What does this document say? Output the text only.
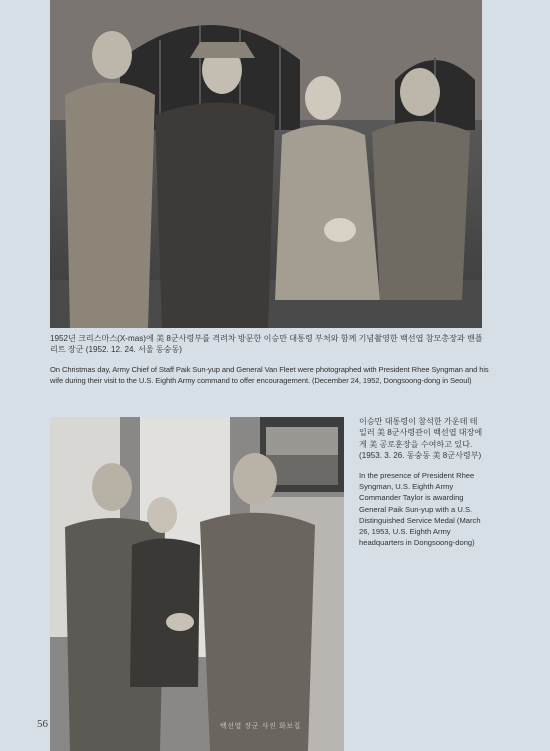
1952년 크리스마스(X-mas)에 美 8군사령부를 격려차 방문한 이승만 대통령 부처와 함께 기념촬영한 백선엽 참모총장과 밴플리트 장군 (1952. 12. 24. 서울 동숭동)
On Christmas day, Army Chief of Staff Paik Sun-yup and General Van Fleet were photographed with President Rhee Syngman and his wife during their visit to the U.S. Eighth Army command to offer encouragement. (December 24, 1952, Dongsoong-dong in Seoul)
이승만 대통령이 참석한 가운데 테일러 美 8군사령관이 백선엽 대장에게 美 공로훈장을 수여하고 있다. (1953. 3. 26. 동숭동 美 8군사령부)
In the presence of President Rhee Syngman, U.S. Eighth Army Commander Taylor is awarding General Paik Sun-yup with a U.S. Distinguished Service Medal (March 26, 1953, U.S. Eighth Army headquarters in Dongsoong-dong)
56	백선엽 장군 사진 화보집
